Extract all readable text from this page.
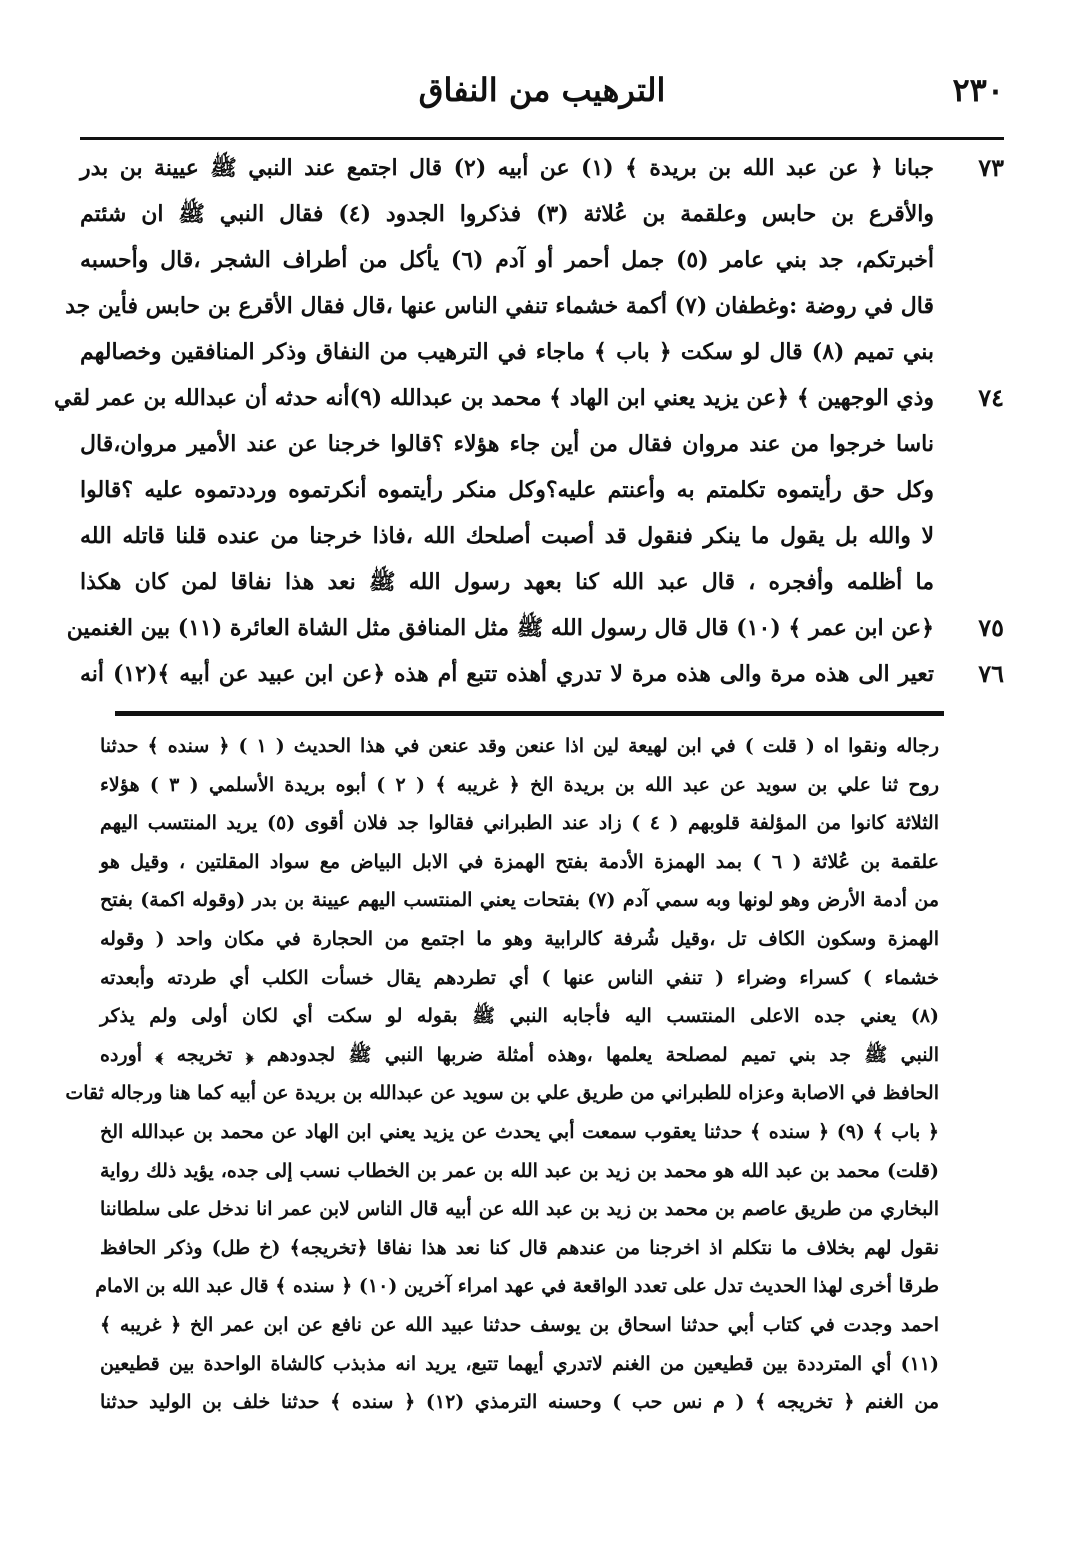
٢٣٠
الترهيب من النفاق
٧٣
جبانا ﴿ عن عبد الله بن بريدة ﴾ (١) عن أبيه (٢) قال اجتمع عند النبي ﷺ عيينة بن بدر
والأقرع بن حابس وعلقمة بن عُلاثة (٣) فذكروا الجدود (٤) فقال النبي ﷺ ان شئتم
أخبرتكم، جد بني عامر (٥) جمل أحمر أو آدم (٦) يأكل من أطراف الشجر ،قال وأحسبه
قال في روضة :وغطفان (٧) أكمة خشماء تنفي الناس عنها ،قال فقال الأقرع بن حابس فأين جد
بني تميم (٨) قال لو سكت ﴿ باب ﴾ ماجاء في الترهيب من النفاق وذكر المنافقين وخصالهم
٧٤
وذي الوجهين ﴾ ﴿عن يزيد يعني ابن الهاد ﴾ محمد بن عبدالله (٩)أنه حدثه أن عبدالله بن عمر لقي
ناسا خرجوا من عند مروان فقال من أين جاء هؤلاء ؟قالوا خرجنا عن عند الأمير مروان،قال
وكل حق رأيتموه تكلمتم به وأعنتم عليه؟وكل منكر رأيتموه أنكرتموه ورددتموه عليه ؟قالوا
لا والله بل يقول ما ينكر فنقول قد أصبت أصلحك الله ،فاذا خرجنا من عنده قلنا قاتله الله
ما أظلمه وأفجره ، قال عبد الله كنا بعهد رسول الله ﷺ نعد هذا نفاقا لمن كان هكذا
٧٥
﴿عن ابن عمر ﴾ (١٠) قال قال رسول الله ﷺ مثل المنافق مثل الشاة العائرة (١١) بين الغنمين
٧٦
تعير الى هذه مرة والى هذه مرة لا تدري أهذه تتبع أم هذه ﴿عن ابن عبيد عن أبيه ﴾(١٢) أنه
رجاله ونقوا اه ( قلت ) في ابن لهيعة لين اذا عنعن وقد عنعن في هذا الحديث ( ١ ) ﴿ سنده ﴾ حدثنا
روح ثنا علي بن سويد عن عبد الله بن بريدة الخ ﴿ غريبه ﴾ ( ٢ ) أبوه بريدة الأسلمي ( ٣ ) هؤلاء
الثلاثة كانوا من المؤلفة قلوبهم ( ٤ ) زاد عند الطبراني فقالوا جد فلان أقوى (٥) يريد المنتسب اليهم
علقمة بن عُلاثة ( ٦ ) بمد الهمزة الأدمة بفتح الهمزة في الابل البياض مع سواد المقلتين ، وقيل هو
من أدمة الأرض وهو لونها وبه سمي آدم (٧) بفتحات يعني المنتسب اليهم عيينة بن بدر (وقوله اكمة) بفتح
الهمزة وسكون الكاف تل ،وقيل شُرفة كالرابية وهو ما اجتمع من الحجارة في مكان واحد ( وقوله
خشماء ) كسراء وضراء ( تنفي الناس عنها ) أي تطردهم يقال خسأت الكلب أي طردته وأبعدته
(٨) يعني جده الاعلى المنتسب اليه فأجابه النبي ﷺ بقوله لو سكت أي لكان أولى ولم يذكر
النبي ﷺ جد بني تميم لمصلحة يعلمها ،وهذه أمثلة ضربها النبي ﷺ لجدودهم ﴿ تخريجه ﴾ أورده
الحافظ في الاصابة وعزاه للطبراني من طريق علي بن سويد عن عبدالله بن بريدة عن أبيه كما هنا ورجاله ثقات
﴿ باب ﴾ (٩) ﴿ سنده ﴾ حدثنا يعقوب سمعت أبي يحدث عن يزيد يعني ابن الهاد عن محمد بن عبدالله الخ
(قلت) محمد بن عبد الله هو محمد بن زيد بن عبد الله بن عمر بن الخطاب نسب إلى جده، يؤيد ذلك رواية
البخاري من طريق عاصم بن محمد بن زيد بن عبد الله عن أبيه قال الناس لابن عمر انا ندخل على سلطاننا
نقول لهم بخلاف ما نتكلم اذ اخرجنا من عندهم قال كنا نعد هذا نفاقا ﴿تخريجه﴾ (خ طل) وذكر الحافظ
طرقا أخرى لهذا الحديث تدل على تعدد الواقعة في عهد امراء آخرين (١٠) ﴿ سنده ﴾ قال عبد الله بن الامام
احمد وجدت في كتاب أبي حدثنا اسحاق بن يوسف حدثنا عبيد الله عن نافع عن ابن عمر الخ ﴿ غريبه ﴾
(١١) أي المترددة بين قطيعين من الغنم لاتدري أيهما تتبع، يريد انه مذبذب كالشاة الواحدة بين قطيعين
من الغنم ﴿ تخريجه ﴾ ( م نس حب ) وحسنه الترمذي (١٢) ﴿ سنده ﴾ حدثنا خلف بن الوليد حدثنا
